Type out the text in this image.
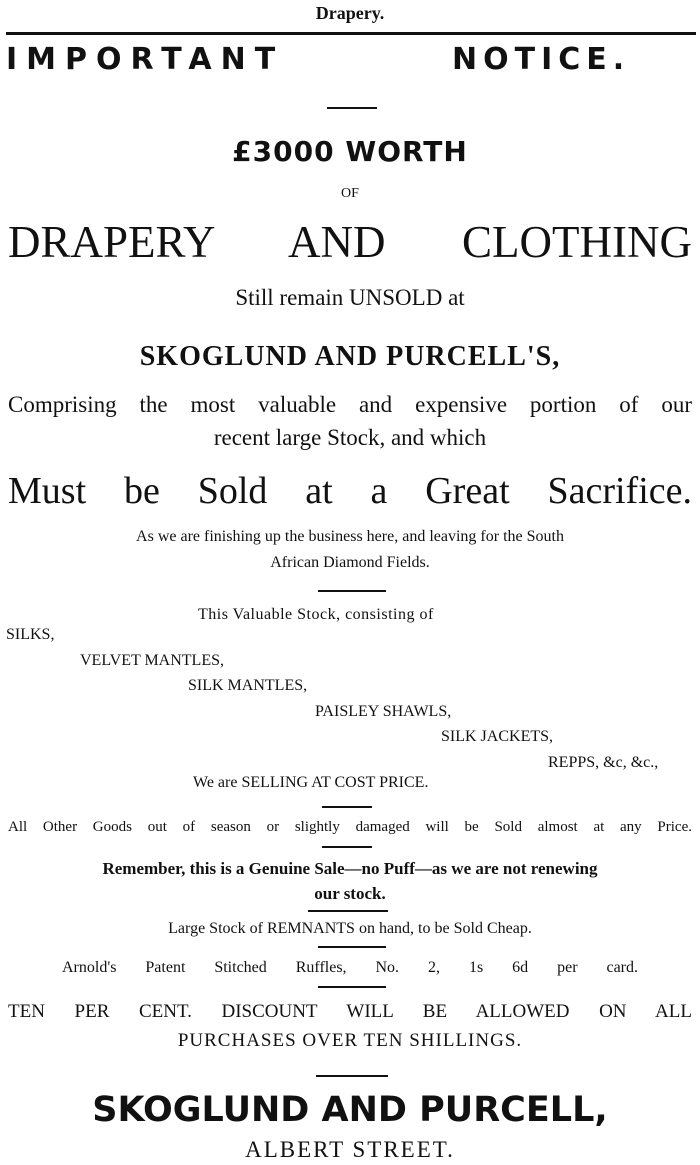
Drapery.
IMPORTANT	NOTICE.
£3000 WORTH
OF
DRAPERY AND CLOTHING
Still remain UNSOLD at
SKOGLUND AND PURCELL'S,
Comprising the most valuable and expensive portion of our
recent large Stock, and which
Must be Sold at a Great Sacrifice.
As we are finishing up the business here, and leaving for the South
African Diamond Fields.
This Valuable Stock, consisting of
SILKS,
VELVET MANTLES,
SILK MANTLES,
PAISLEY SHAWLS,
SILK JACKETS,
REPPS, &c, &c.,
We are SELLING AT COST PRICE.
All Other Goods out of season or slightly damaged will be Sold almost at any Price.
Remember, this is a Genuine Sale—no Puff—as we are not renewing
our stock.
Large Stock of REMNANTS on hand, to be Sold Cheap.
Arnold's Patent Stitched Ruffles, No. 2, 1s 6d per card.
TEN PER CENT. DISCOUNT WILL BE ALLOWED ON ALL
PURCHASES OVER TEN SHILLINGS.
SKOGLUND AND PURCELL,
ALBERT STREET.
